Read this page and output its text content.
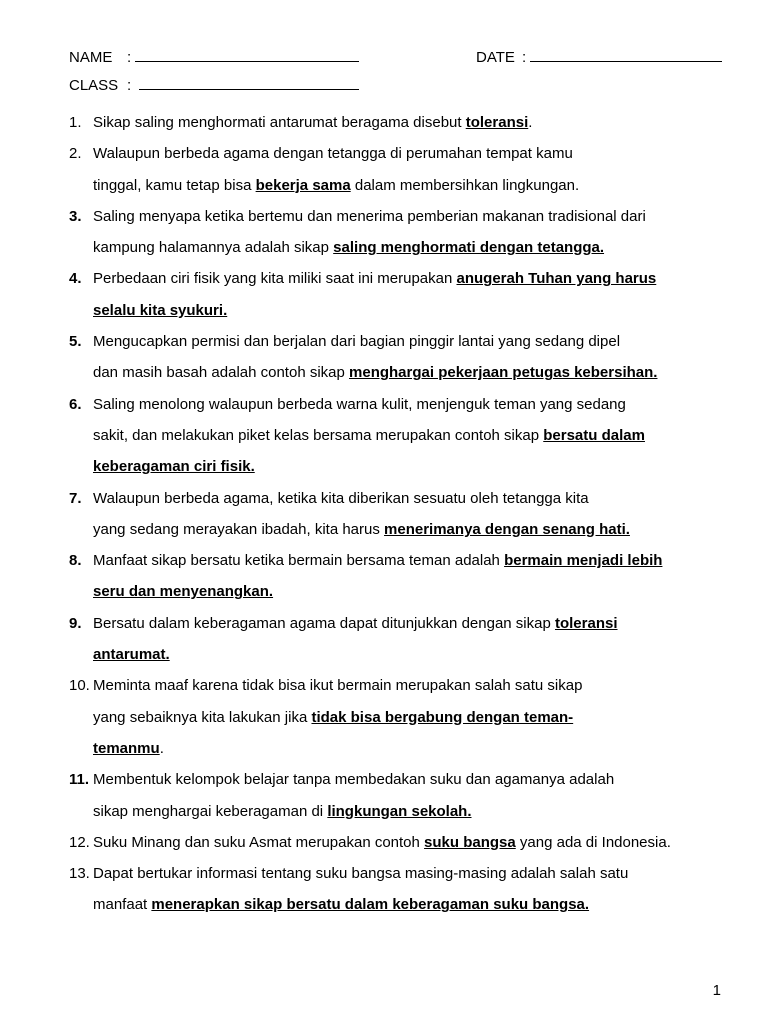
NAME :	DATE :
CLASS :
1. Sikap saling menghormati antarumat beragama disebut toleransi.
2. Walaupun berbeda agama dengan tetangga di perumahan tempat kamu
tinggal, kamu tetap bisa bekerja sama dalam membersihkan lingkungan.
3. Saling menyapa ketika bertemu dan menerima pemberian makanan tradisional dari
kampung halamannya adalah sikap saling menghormati dengan tetangga.
4. Perbedaan ciri fisik yang kita miliki saat ini merupakan anugerah Tuhan yang harus
selalu kita syukuri.
5. Mengucapkan permisi dan berjalan dari bagian pinggir lantai yang sedang dipel
dan masih basah adalah contoh sikap menghargai pekerjaan petugas kebersihan.
6. Saling menolong walaupun berbeda warna kulit, menjenguk teman yang sedang
sakit, dan melakukan piket kelas bersama merupakan contoh sikap bersatu dalam
keberagaman ciri fisik.
7. Walaupun berbeda agama, ketika kita diberikan sesuatu oleh tetangga kita
yang sedang merayakan ibadah, kita harus menerimanya dengan senang hati.
8. Manfaat sikap bersatu ketika bermain bersama teman adalah bermain menjadi lebih
seru dan menyenangkan.
9. Bersatu dalam keberagaman agama dapat ditunjukkan dengan sikap toleransi
antarumat.
10. Meminta maaf karena tidak bisa ikut bermain merupakan salah satu sikap
yang sebaiknya kita lakukan jika tidak bisa bergabung dengan teman-
temanmu.
11. Membentuk kelompok belajar tanpa membedakan suku dan agamanya adalah
sikap menghargai keberagaman di lingkungan sekolah.
12. Suku Minang dan suku Asmat merupakan contoh suku bangsa yang ada di Indonesia.
13. Dapat bertukar informasi tentang suku bangsa masing-masing adalah salah satu
manfaat menerapkan sikap bersatu dalam keberagaman suku bangsa.
1
